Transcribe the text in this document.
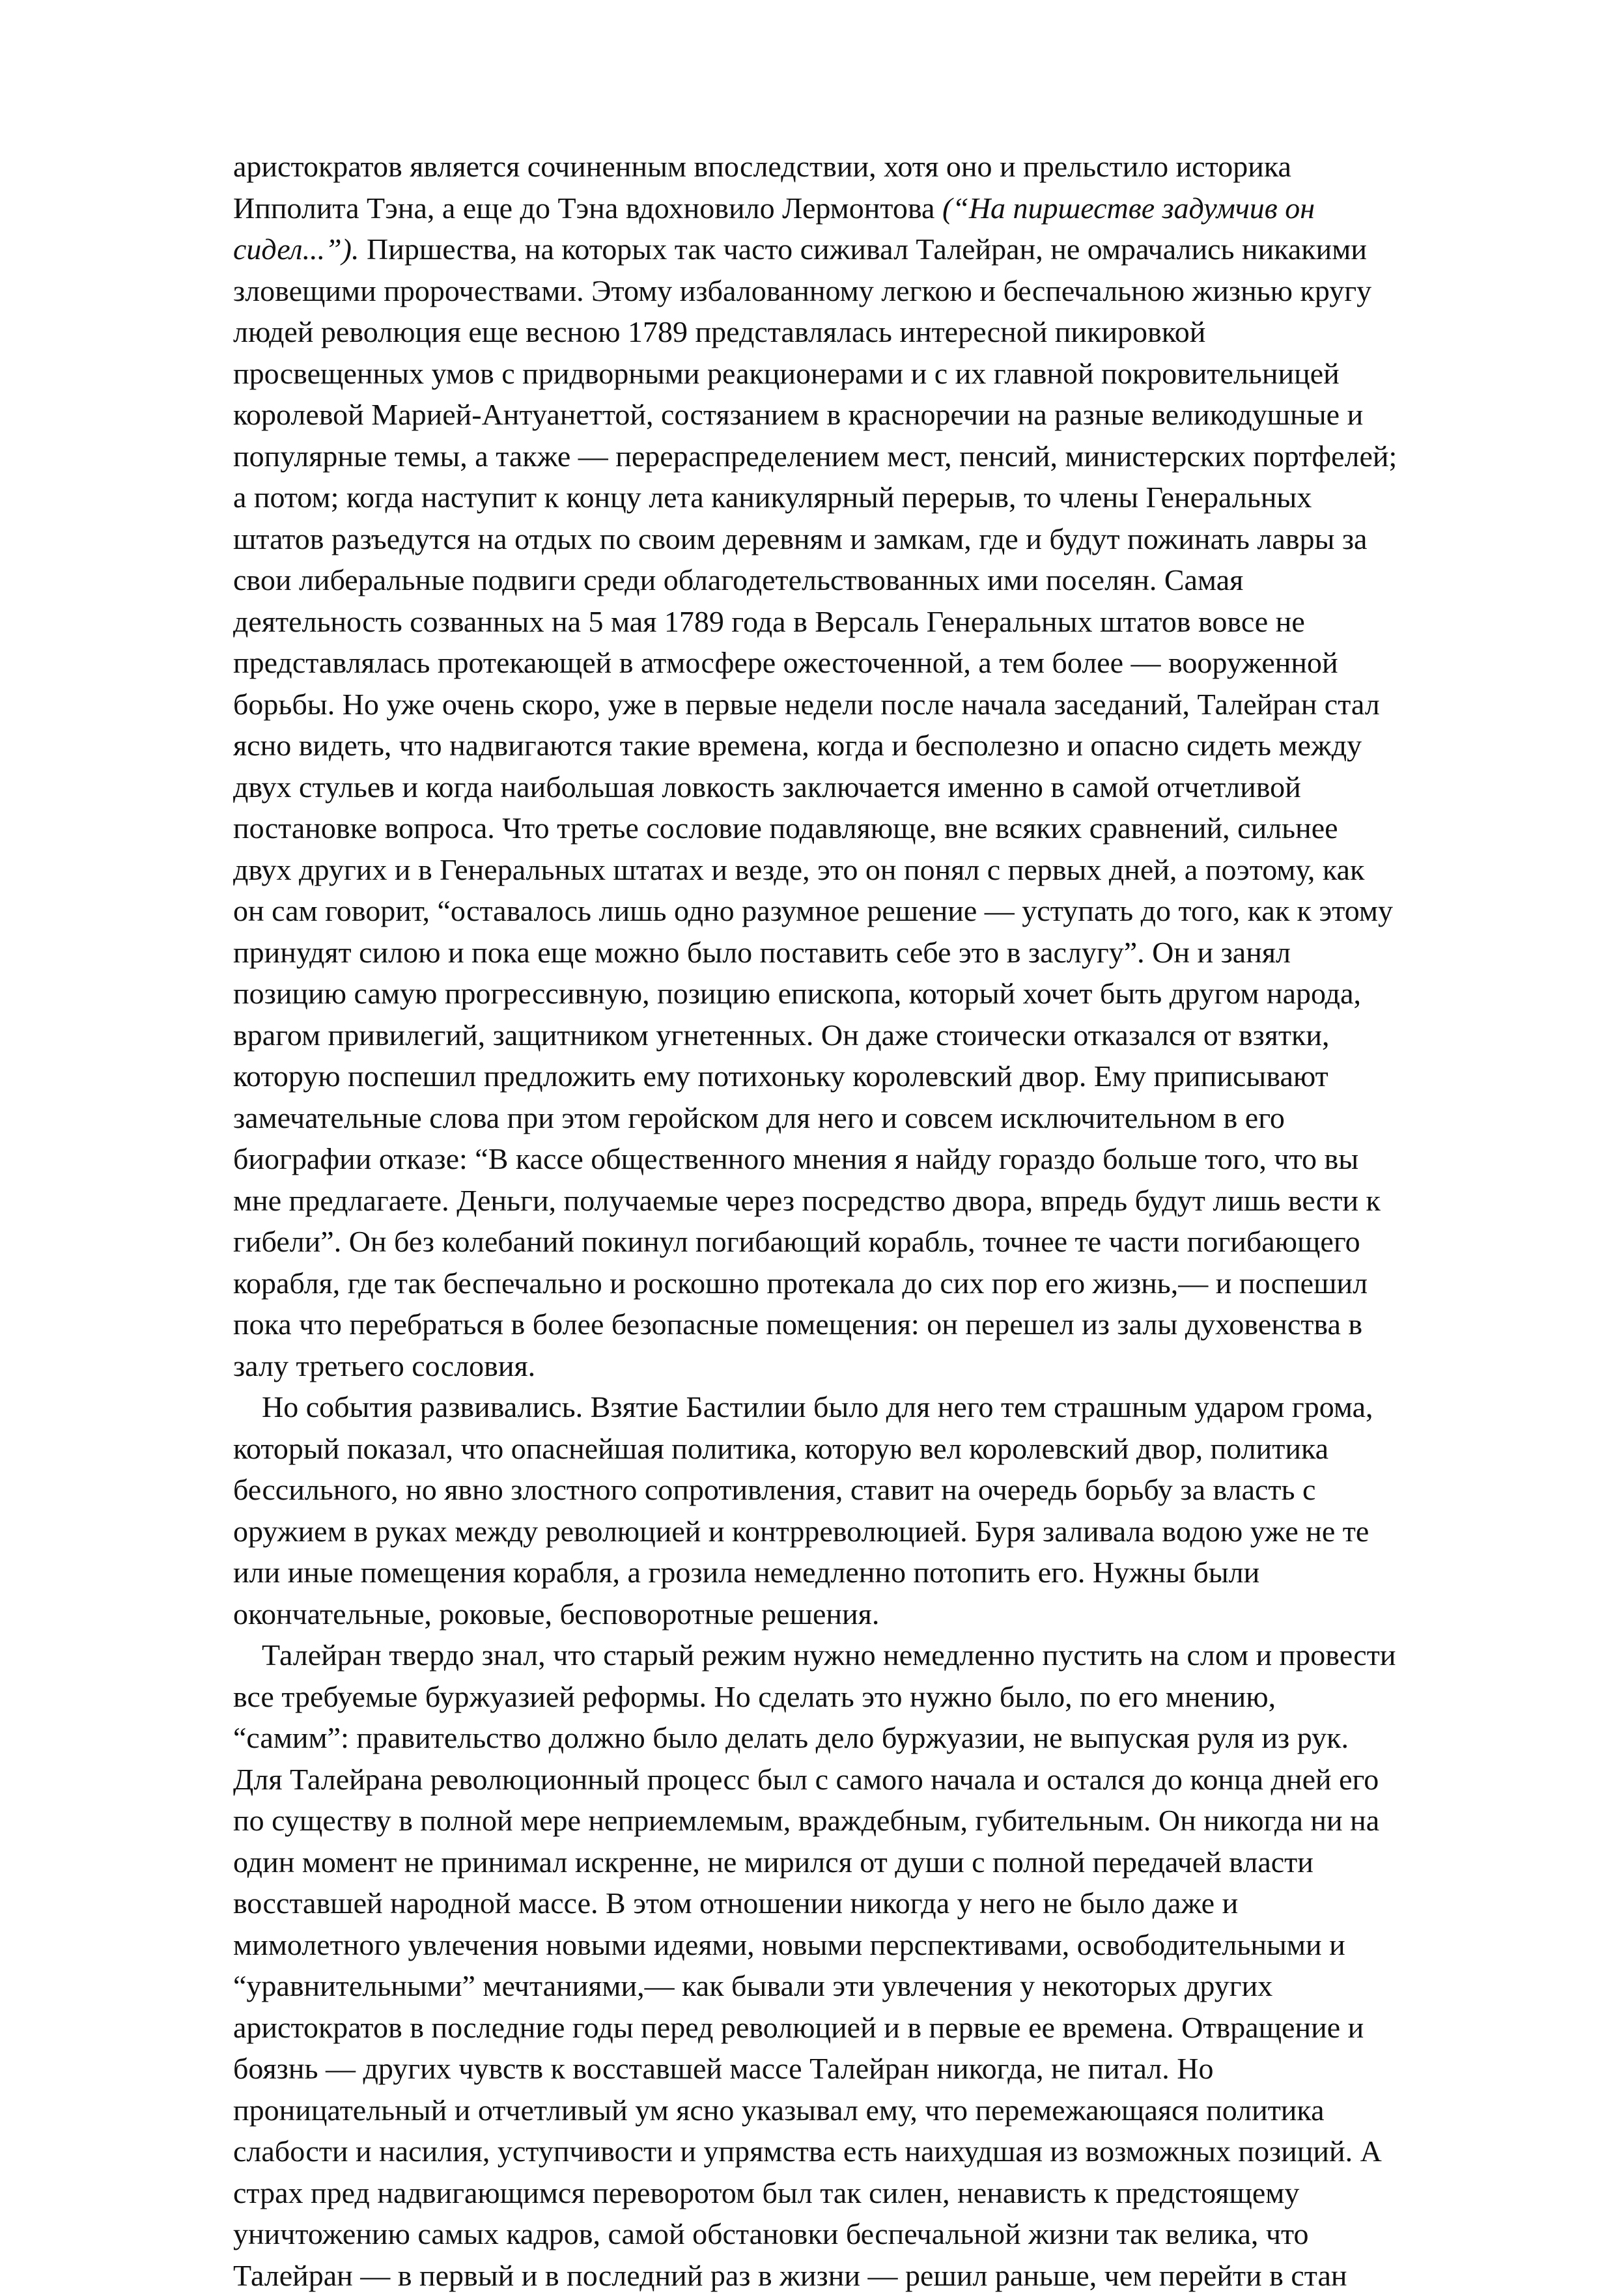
аристократов является сочиненным впоследствии, хотя оно и прельстило историка
Ипполита Тэна, а еще до Тэна вдохновило Лермонтова (“На пиршестве задумчив он
сидел...”). Пиршества, на которых так часто сиживал Талейран, не омрачались никакими
зловещими пророчествами. Этому избалованному легкою и беспечальною жизнью кругу
людей революция еще весною 1789 представлялась интересной пикировкой
просвещенных умов с придворными реакционерами и с их главной покровительницей
королевой Марией-Антуанеттой, состязанием в красноречии на разные великодушные и
популярные темы, а также — перераспределением мест, пенсий, министерских портфелей;
а потом; когда наступит к концу лета каникулярный перерыв, то члены Генеральных
штатов разъедутся на отдых по своим деревням и замкам, где и будут пожинать лавры за
свои либеральные подвиги среди облагодетельствованных ими поселян. Самая
деятельность созванных на 5 мая 1789 года в Версаль Генеральных штатов вовсе не
представлялась протекающей в атмосфере ожесточенной, а тем более — вооруженной
борьбы. Но уже очень скоро, уже в первые недели после начала заседаний, Талейран стал
ясно видеть, что надвигаются такие времена, когда и бесполезно и опасно сидеть между
двух стульев и когда наибольшая ловкость заключается именно в самой отчетливой
постановке вопроса. Что третье сословие подавляюще, вне всяких сравнений, сильнее
двух других и в Генеральных штатах и везде, это он понял с первых дней, а поэтому, как
он сам говорит, “оставалось лишь одно разумное решение — уступать до того, как к этому
принудят силою и пока еще можно было поставить себе это в заслугу”. Он и занял
позицию самую прогрессивную, позицию епископа, который хочет быть другом народа,
врагом привилегий, защитником угнетенных. Он даже стоически отказался от взятки,
которую поспешил предложить ему потихоньку королевский двор. Ему приписывают
замечательные слова при этом геройском для него и совсем исключительном в его
биографии отказе: “В кассе общественного мнения я найду гораздо больше того, что вы
мне предлагаете. Деньги, получаемые через посредство двора, впредь будут лишь вести к
гибели”. Он без колебаний покинул погибающий корабль, точнее те части погибающего
корабля, где так беспечально и роскошно протекала до сих пор его жизнь,— и поспешил
пока что перебраться в более безопасные помещения: он перешел из залы духовенства в
залу третьего сословия.

Но события развивались. Взятие Бастилии было для него тем страшным ударом грома,
который показал, что опаснейшая политика, которую вел королевский двор, политика
бессильного, но явно злостного сопротивления, ставит на очередь борьбу за власть с
оружием в руках между революцией и контрреволюцией. Буря заливала водою уже не те
или иные помещения корабля, а грозила немедленно потопить его. Нужны были
окончательные, роковые, бесповоротные решения.

Талейран твердо знал, что старый режим нужно немедленно пустить на слом и провести
все требуемые буржуазией реформы. Но сделать это нужно было, по его мнению,
“самим”: правительство должно было делать дело буржуазии, не выпуская руля из рук.
Для Талейрана революционный процесс был с самого начала и остался до конца дней его
по существу в полной мере неприемлемым, враждебным, губительным. Он никогда ни на
один момент не принимал искренне, не мирился от души с полной передачей власти
восставшей народной массе. В этом отношении никогда у него не было даже и
мимолетного увлечения новыми идеями, новыми перспективами, освободительными и
“уравнительными” мечтаниями,— как бывали эти увлечения у некоторых других
аристократов в последние годы перед революцией и в первые ее времена. Отвращение и
боязнь — других чувств к восставшей массе Талейран никогда, не питал. Но
проницательный и отчетливый ум ясно указывал ему, что перемежающаяся политика
слабости и насилия, уступчивости и упрямства есть наихудшая из возможных позиций. А
страх пред надвигающимся переворотом был так силен, ненависть к предстоящему
уничтожению самых кадров, самой обстановки беспечальной жизни так велика, что
Талейран — в первый и в последний раз в жизни — решил раньше, чем перейти в стан
